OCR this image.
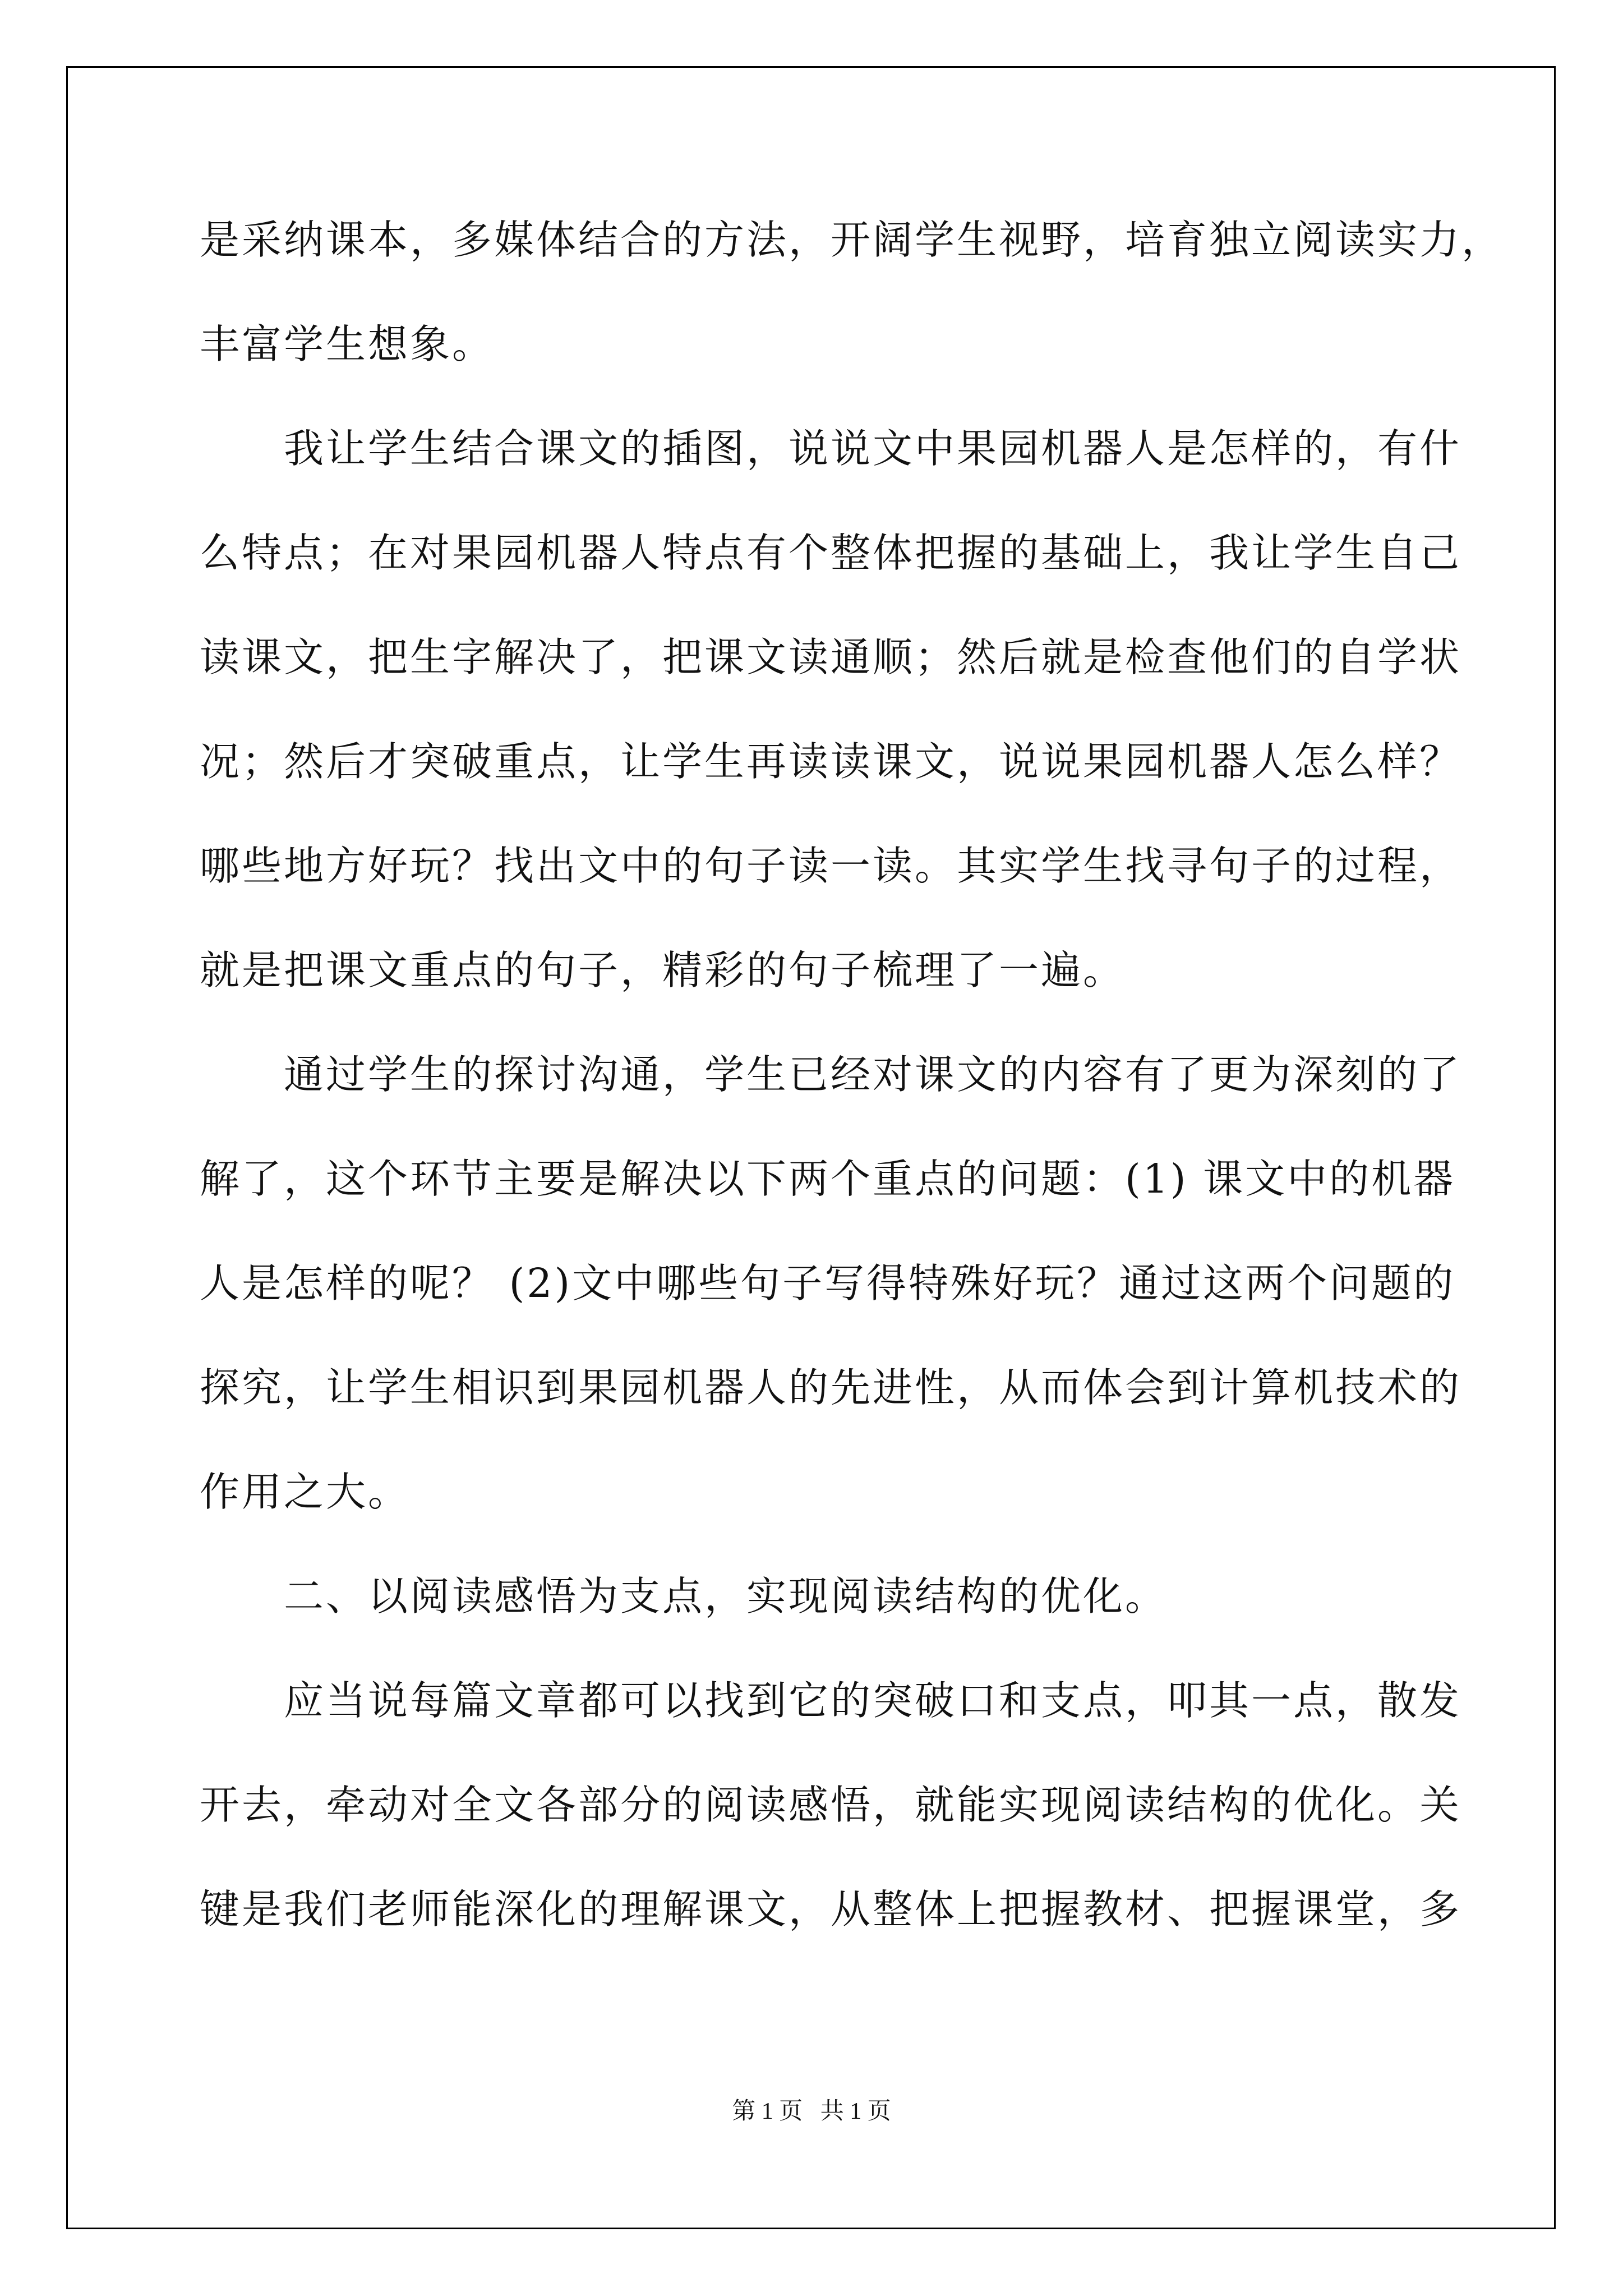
是采纳课本，多媒体结合的方法，开阔学生视野，培育独立阅读实力，
丰富学生想象。
我让学生结合课文的插图，说说文中果园机器人是怎样的，有什
么特点；在对果园机器人特点有个整体把握的基础上，我让学生自己
读课文，把生字解决了，把课文读通顺；然后就是检查他们的自学状
况；然后才突破重点，让学生再读读课文，说说果园机器人怎么样？
哪些地方好玩？找出文中的句子读一读。其实学生找寻句子的过程，
就是把课文重点的句子，精彩的句子梳理了一遍。
通过学生的探讨沟通，学生已经对课文的内容有了更为深刻的了
解了，这个环节主要是解决以下两个重点的问题：(1) 课文中的机器
人是怎样的呢？ (2)文中哪些句子写得特殊好玩？通过这两个问题的
探究，让学生相识到果园机器人的先进性，从而体会到计算机技术的
作用之大。
二、以阅读感悟为支点，实现阅读结构的优化。
应当说每篇文章都可以找到它的突破口和支点，叩其一点，散发
开去，牵动对全文各部分的阅读感悟，就能实现阅读结构的优化。关
键是我们老师能深化的理解课文，从整体上把握教材、把握课堂，多
第 1 页   共 1 页
